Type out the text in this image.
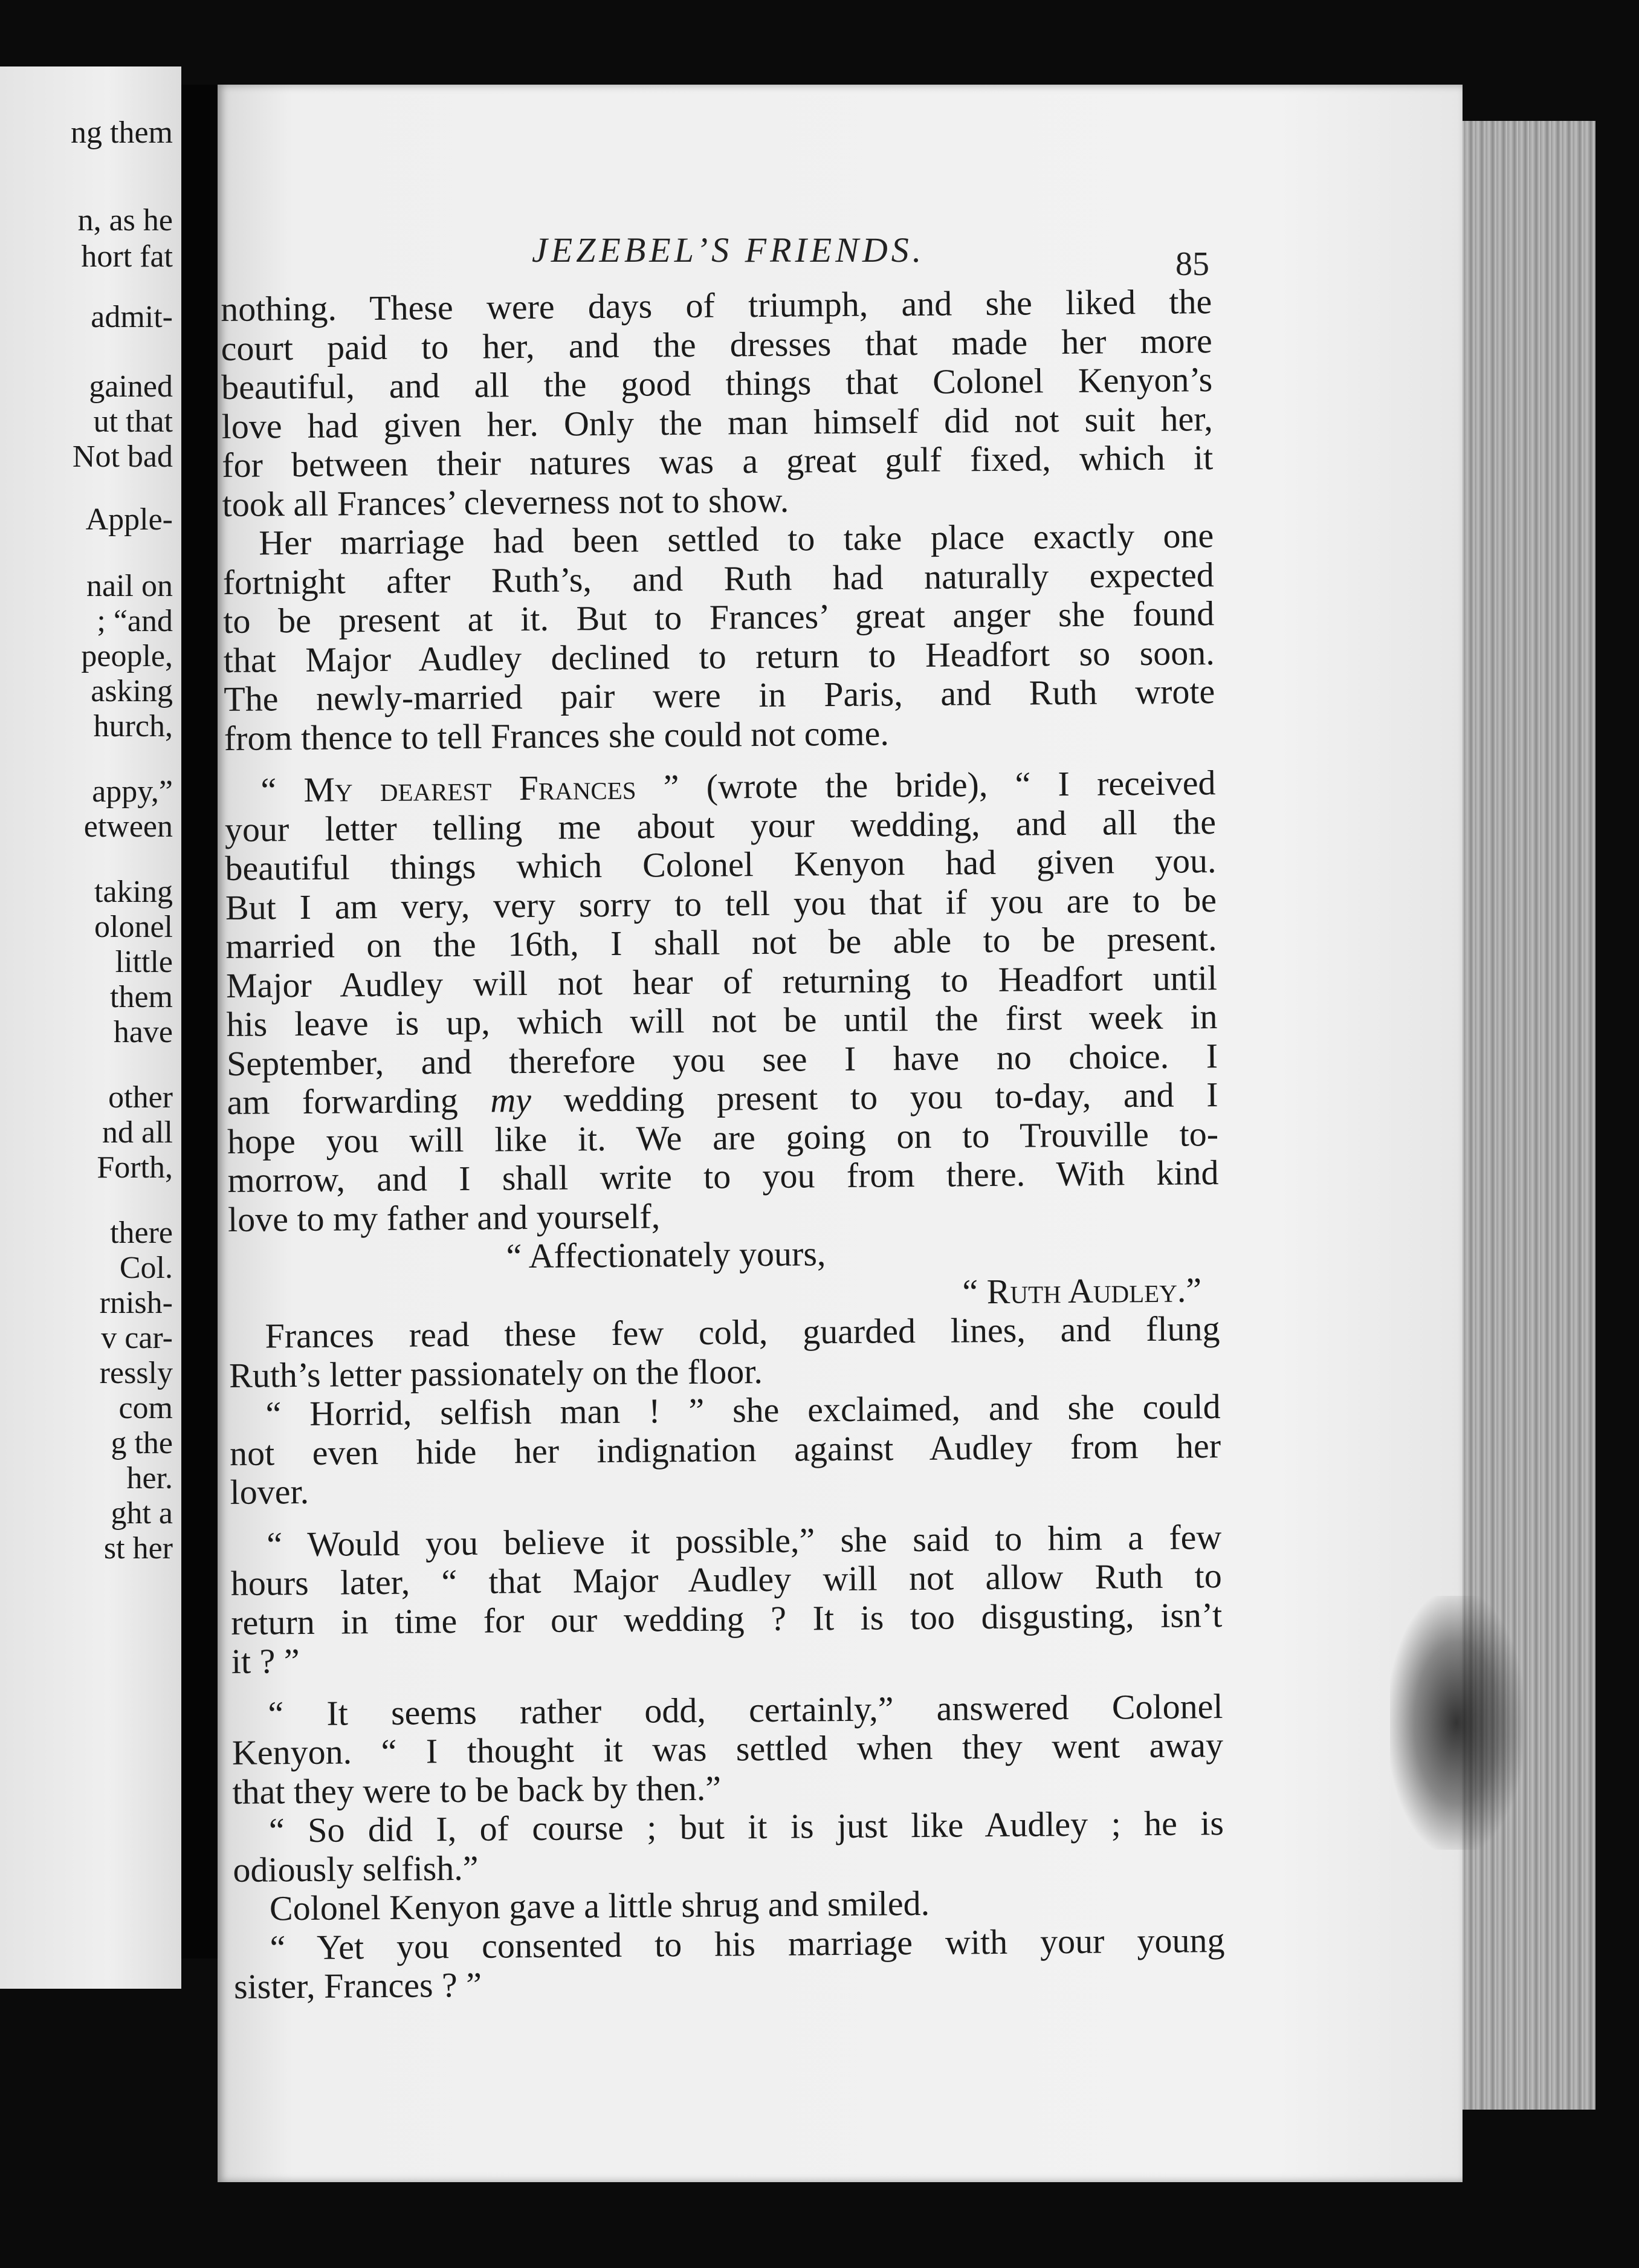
ng them

n, as he

hort fat

admit-

gained

ut that

Not bad

Apple-

nail on

; “and

people,

asking

hurch,

appy,”

etween

taking

olonel

little

them

have

other

nd all

Forth,

there

Col.

rnish-

v car-

ressly

com

g the

her.

ght a

st her

JEZEBEL’S FRIENDS.	85

nothing. These were days of triumph, and she liked the

court paid to her, and the dresses that made her more

beautiful, and all the good things that Colonel Kenyon’s

love had given her. Only the man himself did not suit her,

for between their natures was a great gulf fixed, which it

took all Frances’ cleverness not to show.

Her marriage had been settled to take place exactly one

fortnight after Ruth’s, and Ruth had naturally expected

to be present at it. But to Frances’ great anger she found

that Major Audley declined to return to Headfort so soon.

The newly-married pair were in Paris, and Ruth wrote

from thence to tell Frances she could not come.

“ My dearest Frances ” (wrote the bride), “ I received

your letter telling me about your wedding, and all the

beautiful things which Colonel Kenyon had given you.

But I am very, very sorry to tell you that if you are to be

married on the 16th, I shall not be able to be present.

Major Audley will not hear of returning to Headfort until

his leave is up, which will not be until the first week in

September, and therefore you see I have no choice. I

am forwarding my wedding present to you to-day, and I

hope you will like it. We are going on to Trouville to-

morrow, and I shall write to you from there. With kind

love to my father and yourself,

“ Affectionately yours,

“ Ruth Audley.”

Frances read these few cold, guarded lines, and flung

Ruth’s letter passionately on the floor.

“ Horrid, selfish man ! ” she exclaimed, and she could

not even hide her indignation against Audley from her

lover.

“ Would you believe it possible,” she said to him a few

hours later, “ that Major Audley will not allow Ruth to

return in time for our wedding ? It is too disgusting, isn’t

it ? ”

“ It seems rather odd, certainly,” answered Colonel

Kenyon. “ I thought it was settled when they went away

that they were to be back by then.”

“ So did I, of course ; but it is just like Audley ; he is

odiously selfish.”

Colonel Kenyon gave a little shrug and smiled.

“ Yet you consented to his marriage with your young

sister, Frances ? ”
